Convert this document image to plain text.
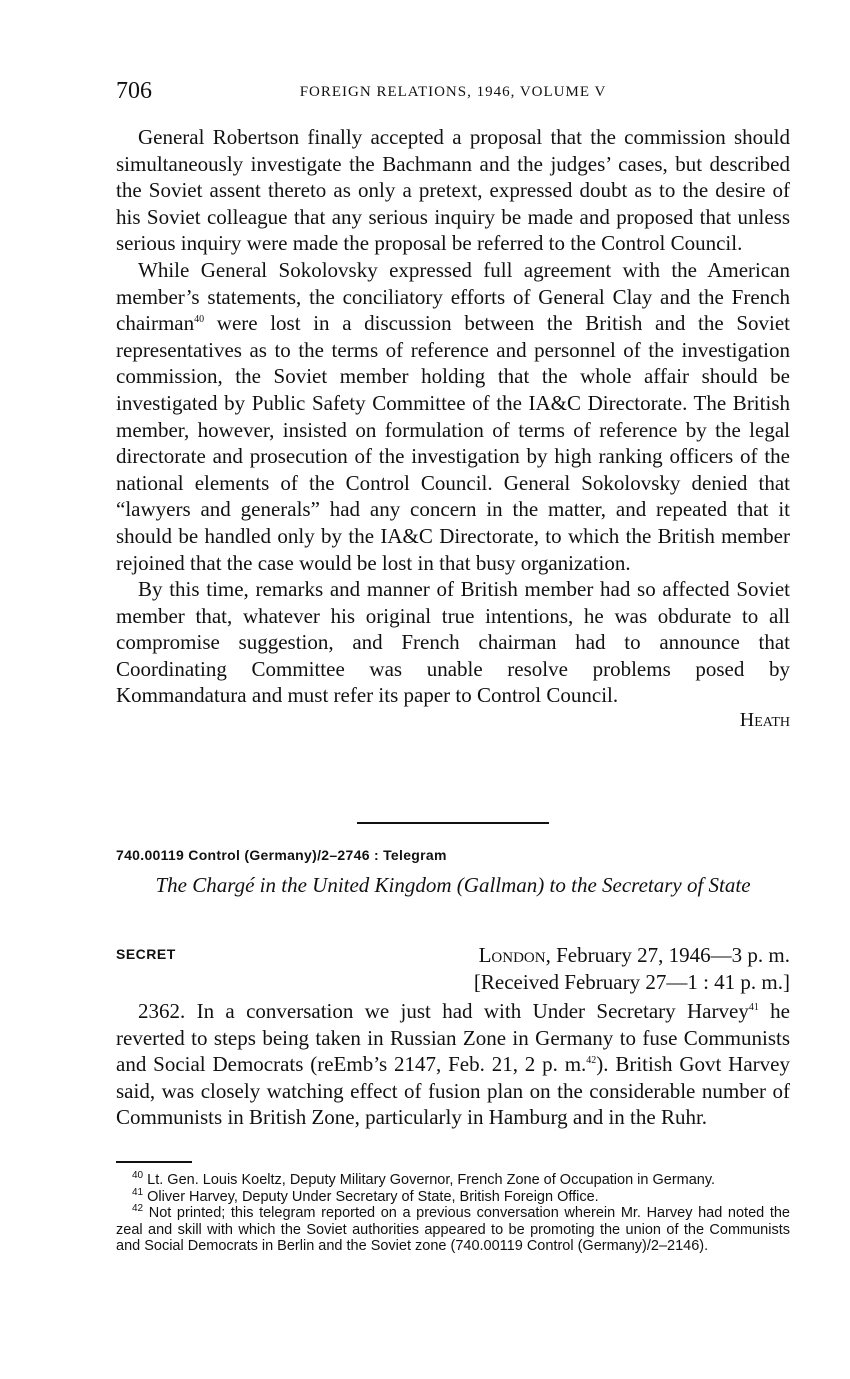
706	FOREIGN RELATIONS, 1946, VOLUME V

General Robertson finally accepted a proposal that the commission should simultaneously investigate the Bachmann and the judges’ cases, but described the Soviet assent thereto as only a pretext, expressed doubt as to the desire of his Soviet colleague that any serious inquiry be made and proposed that unless serious inquiry were made the proposal be referred to the Control Council.

While General Sokolovsky expressed full agreement with the American member’s statements, the conciliatory efforts of General Clay and the French chairman$^{40}$ were lost in a discussion between the British and the Soviet representatives as to the terms of reference and personnel of the investigation commission, the Soviet member holding that the whole affair should be investigated by Public Safety Committee of the IA&C Directorate. The British member, however, insisted on formulation of terms of reference by the legal directorate and prosecution of the investigation by high ranking officers of the national elements of the Control Council. General Sokolovsky denied that “lawyers and generals” had any concern in the matter, and repeated that it should be handled only by the IA&C Directorate, to which the British member rejoined that the case would be lost in that busy organization.

By this time, remarks and manner of British member had so affected Soviet member that, whatever his original true intentions, he was obdurate to all compromise suggestion, and French chairman had to announce that Coordinating Committee was unable resolve problems posed by Kommandatura and must refer its paper to Control Council.

Heath

740.00119 Control (Germany)/2–2746 : Telegram
The Chargé in the United Kingdom (Gallman) to the Secretary of State
SECRET	London, February 27, 1946—3 p. m.
[Received February 27—1 : 41 p. m.]

2362. In a conversation we just had with Under Secretary Harvey$^{41}$ he reverted to steps being taken in Russian Zone in Germany to fuse Communists and Social Democrats (reEmb’s 2147, Feb. 21, 2 p. m.$^{42}$). British Govt Harvey said, was closely watching effect of fusion plan on the considerable number of Communists in British Zone, particularly in Hamburg and in the Ruhr.

$^{40}$ Lt. Gen. Louis Koeltz, Deputy Military Governor, French Zone of Occupation in Germany.

$^{41}$ Oliver Harvey, Deputy Under Secretary of State, British Foreign Office.

$^{42}$ Not printed; this telegram reported on a previous conversation wherein Mr. Harvey had noted the zeal and skill with which the Soviet authorities appeared to be promoting the union of the Communists and Social Democrats in Berlin and the Soviet zone (740.00119 Control (Germany)/2–2146).
